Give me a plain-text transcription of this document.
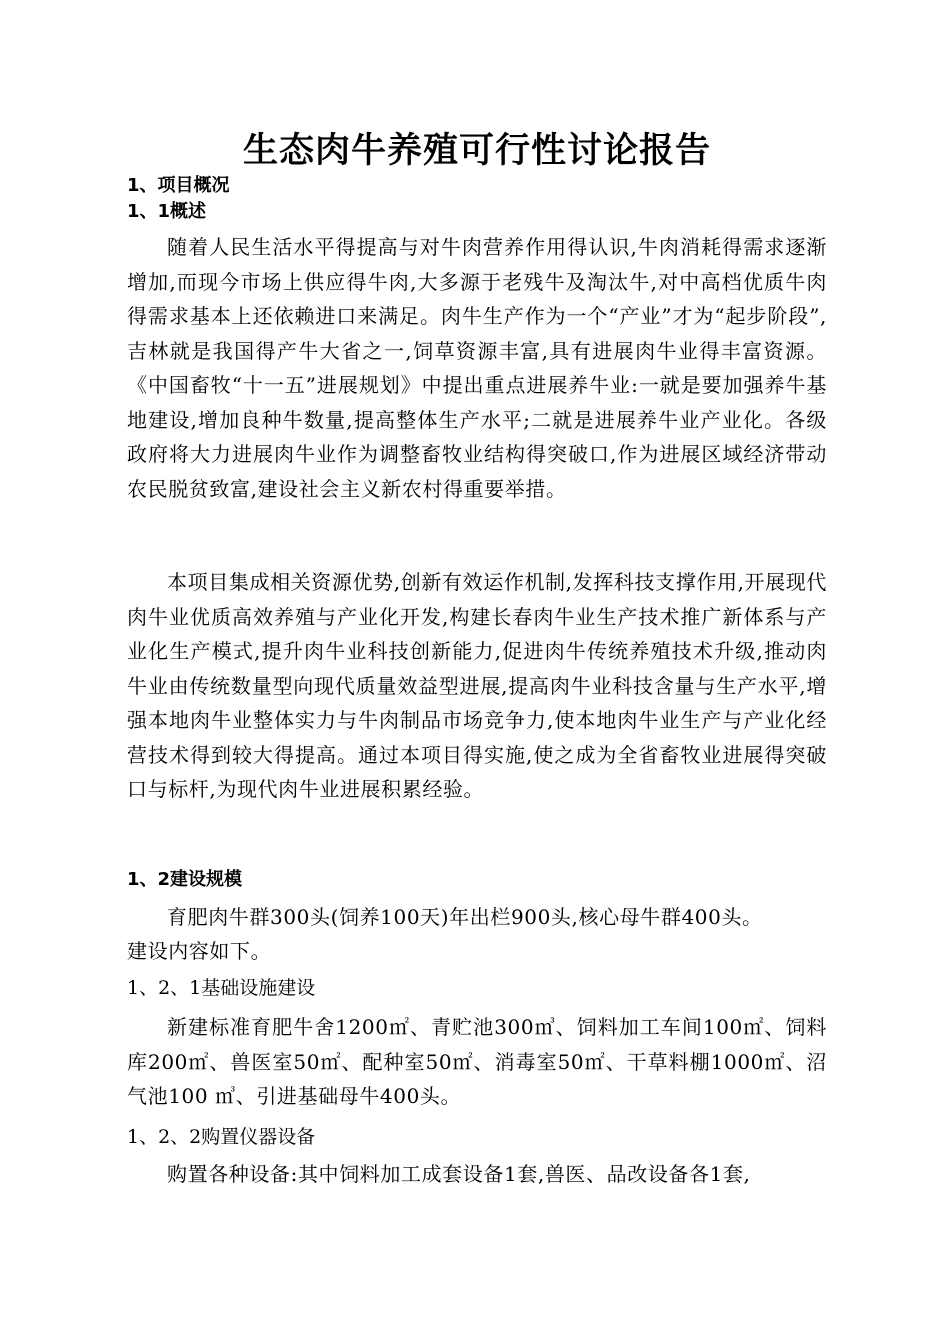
生态肉牛养殖可行性讨论报告
1、项目概况
1、1概述

随着人民生活水平得提高与对牛肉营养作用得认识,牛肉消耗得需求逐渐增加,而现今市场上供应得牛肉,大多源于老残牛及淘汰牛,对中高档优质牛肉得需求基本上还依赖进口来满足。肉牛生产作为一个“产业”才为“起步阶段”,吉林就是我国得产牛大省之一,饲草资源丰富,具有进展肉牛业得丰富资源。《中国畜牧“十一五”进展规划》中提出重点进展养牛业:一就是要加强养牛基地建设,增加良种牛数量,提高整体生产水平;二就是进展养牛业产业化。各级政府将大力进展肉牛业作为调整畜牧业结构得突破口,作为进展区域经济带动农民脱贫致富,建设社会主义新农村得重要举措。

本项目集成相关资源优势,创新有效运作机制,发挥科技支撑作用,开展现代肉牛业优质高效养殖与产业化开发,构建长春肉牛业生产技术推广新体系与产业化生产模式,提升肉牛业科技创新能力,促进肉牛传统养殖技术升级,推动肉牛业由传统数量型向现代质量效益型进展,提高肉牛业科技含量与生产水平,增强本地肉牛业整体实力与牛肉制品市场竞争力,使本地肉牛业生产与产业化经营技术得到较大得提高。通过本项目得实施,使之成为全省畜牧业进展得突破口与标杆,为现代肉牛业进展积累经验。

1、2建设规模

育肥肉牛群300头(饲养100天)年出栏900头,核心母牛群400头。

建设内容如下。

1、2、1基础设施建设

新建标准育肥牛舍1200㎡、青贮池300㎥、饲料加工车间100㎡、饲料库200㎡、兽医室50㎡、配种室50㎡、消毒室50㎡、干草料棚1000㎡、沼气池100 ㎥、引进基础母牛400头。

1、2、2购置仪器设备

购置各种设备:其中饲料加工成套设备1套,兽医、品改设备各1套,
